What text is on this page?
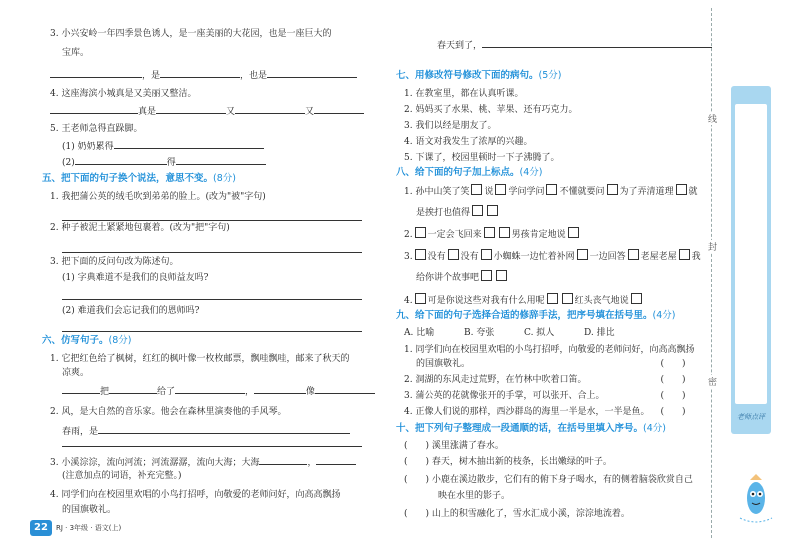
3. 小兴安岭一年四季景色诱人，是一座美丽的大花园，也是一座巨大的
宝库。
，是	，也是
4. 这座海滨小城真是又美丽又整洁。
真是	又	又
5. 王老师急得直跺脚。
(1) 奶奶累得
(2)	得
五、把下面的句子换个说法，意思不变。(8分)
1. 我把蒲公英的绒毛吹到弟弟的脸上。(改为"被"字句)
2. 种子被泥土紧紧地包裹着。(改为"把"字句)
3. 把下面的反问句改为陈述句。
(1) 字典难道不是我们的良师益友吗?
(2) 难道我们会忘记我们的恩师吗?
六、仿写句子。(8分)
1. 它把红色给了枫树，红红的枫叶像一枚枚邮票，飘哇飘哇，邮来了秋天的
凉爽。
把	给了	，	像
2. 风，是大自然的音乐家。他会在森林里演奏他的手风琴。
春雨，是
3. 小溪淙淙，流向河流；河流潺潺，流向大海；大海	，
(注意加点的词语，补充完整。)
4. 同学们向在校园里欢唱的小鸟打招呼，向敬爱的老师问好，向高高飘扬
的国旗敬礼。
22	RJ · 3年级 · 语文(上)
春天到了，
七、用修改符号修改下面的病句。(5分)
1. 在教室里，都在认真听课。
2. 妈妈买了水果、桃、苹果、还有巧克力。
3. 我们以经是朋友了。
4. 语文对我发生了浓厚的兴趣。
5. 下课了，校园里顿时一下子沸腾了。
八、给下面的句子加上标点。(4分)
1. 孙中山笑了笑 说 学问学问 不懂就要问 为了弄清道理 就
是挨打也值得
2. 一定会飞回来	男孩肯定地说
3. 没有 没有 小蜘蛛一边忙着补网 一边回答 老屋老屋 我
给你讲个故事吧
4. 可是你说这些对我有什么用呢	红头丧气地说
九、给下面的句子选择合适的修辞手法，把序号填在括号里。(4分)
A. 比喻	B. 夸张	C. 拟人	D. 排比
1. 同学们向在校园里欢唱的小鸟打招呼，向敬爱的老师问好，向高高飘扬
的国旗敬礼。	(　　)
2. 洞湖的东风走过荒野，在竹林中吹着口笛。	(　　)
3. 蒲公英的花就像张开的手掌，可以张开、合上。	(　　)
4. 正像人们说的那样，西沙群岛的海里一半是水，一半是鱼。 (　　)
十、把下列句子整理成一段通顺的话，在括号里填入序号。(4分)
(　　) 溪里涨满了春水。
(　　) 春天，树木抽出新的枝条，长出嫩绿的叶子。
(　　) 小鹿在溪边散步，它们有的俯下身子喝水，有的侧着脑袋欣赏自己
映在水里的影子。
(　　) 山上的积雪融化了，雪水汇成小溪，淙淙地流着。
线
封
密
老师点评
